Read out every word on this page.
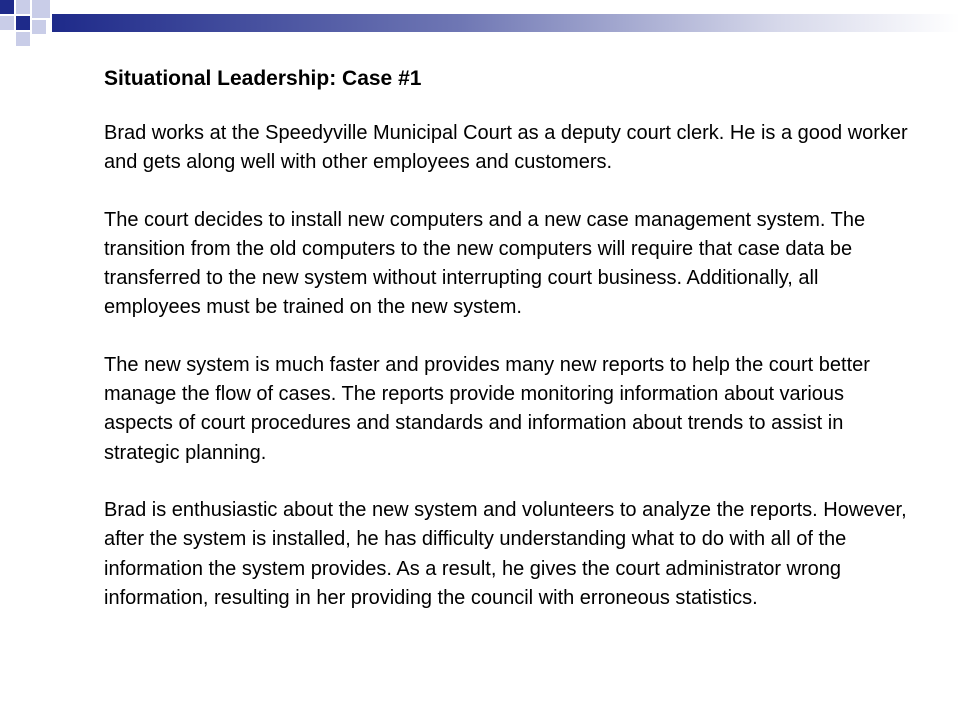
Situational Leadership: Case #1

Brad works at the Speedyville Municipal Court as a deputy court clerk. He is a good worker and gets along well with other employees and customers.

The court decides to install new computers and a new case management system. The transition from the old computers to the new computers will require that case data be transferred to the new system without interrupting court business. Additionally, all employees must be trained on the new system.

The new system is much faster and provides many new reports to help the court better manage the flow of cases. The reports provide monitoring information about various aspects of court procedures and standards and information about trends to assist in strategic planning.

Brad is enthusiastic about the new system and volunteers to analyze the reports. However, after the system is installed, he has difficulty understanding what to do with all of the information the system provides. As a result, he gives the court administrator wrong information, resulting in her providing the council with erroneous statistics.
